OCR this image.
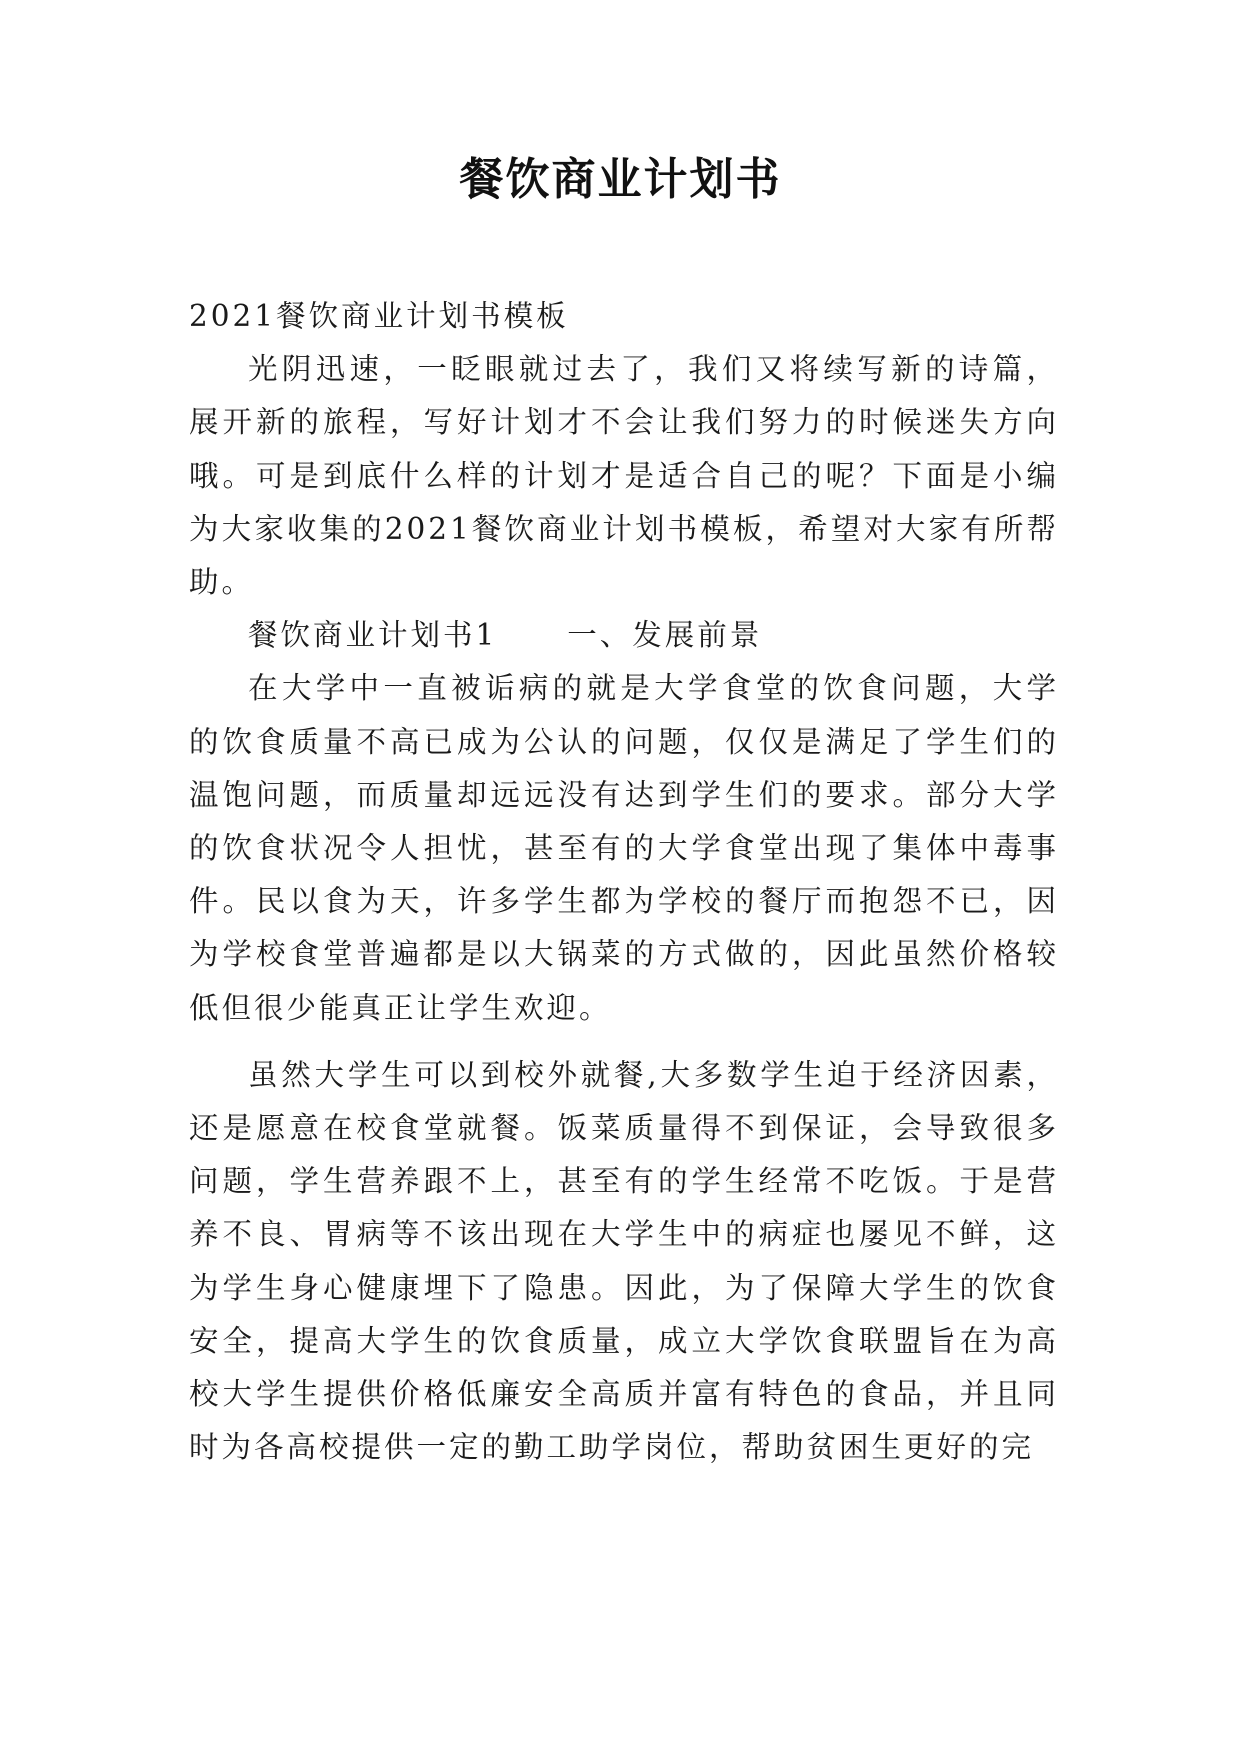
餐饮商业计划书

2021餐饮商业计划书模板

光阴迅速，一眨眼就过去了，我们又将续写新的诗篇，展开新的旅程，写好计划才不会让我们努力的时候迷失方向哦。可是到底什么样的计划才是适合自己的呢？下面是小编为大家收集的2021餐饮商业计划书模板，希望对大家有所帮助。

餐饮商业计划书1 一、发展前景

在大学中一直被诟病的就是大学食堂的饮食问题，大学的饮食质量不高已成为公认的问题，仅仅是满足了学生们的温饱问题，而质量却远远没有达到学生们的要求。部分大学的饮食状况令人担忧，甚至有的大学食堂出现了集体中毒事件。民以食为天，许多学生都为学校的餐厅而抱怨不已，因为学校食堂普遍都是以大锅菜的方式做的，因此虽然价格较低但很少能真正让学生欢迎。

虽然大学生可以到校外就餐,大多数学生迫于经济因素，还是愿意在校食堂就餐。饭菜质量得不到保证，会导致很多问题，学生营养跟不上，甚至有的学生经常不吃饭。于是营养不良、胃病等不该出现在大学生中的病症也屡见不鲜，这为学生身心健康埋下了隐患。因此，为了保障大学生的饮食安全，提高大学生的饮食质量，成立大学饮食联盟旨在为高校大学生提供价格低廉安全高质并富有特色的食品，并且同时为各高校提供一定的勤工助学岗位，帮助贫困生更好的完
